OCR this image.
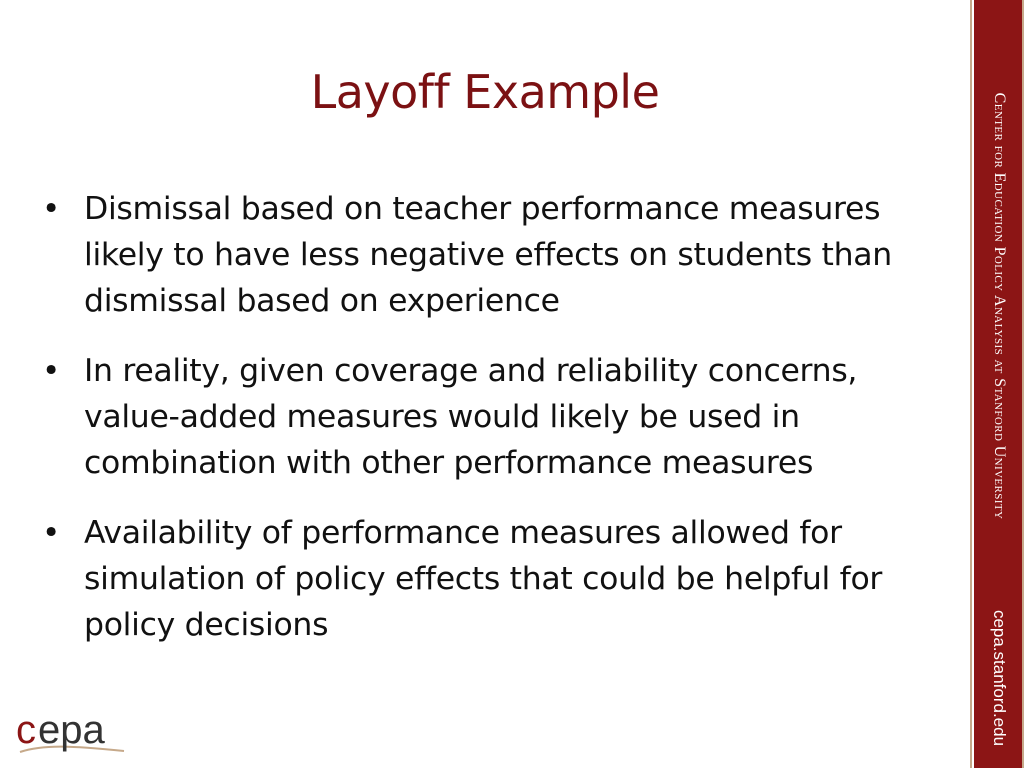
Layoff Example
• Dismissal based on teacher performance measures likely to have less negative effects on students than dismissal based on experience
• In reality, given coverage and reliability concerns, value-added measures would likely be used in combination with other performance measures
• Availability of performance measures allowed for simulation of policy effects that could be helpful for policy decisions
Center for Education Policy Analysis at Stanford University
cepa.stanford.edu
c epa
